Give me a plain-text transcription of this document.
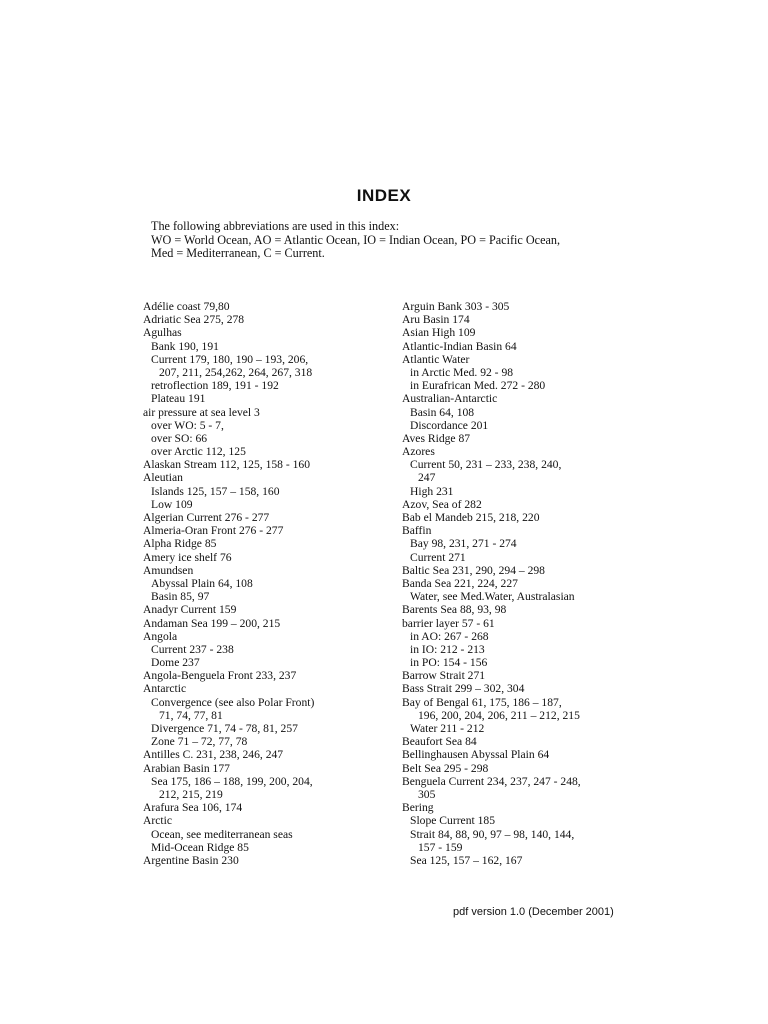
INDEX
The following abbreviations are used in this index:
WO = World Ocean, AO = Atlantic Ocean, IO = Indian Ocean, PO = Pacific Ocean,
Med = Mediterranean, C = Current.
Adélie coast 79,80
Adriatic Sea 275, 278
Agulhas
Bank 190, 191
Current 179, 180, 190 – 193, 206,
207, 211, 254,262, 264, 267, 318
retroflection 189, 191 - 192
Plateau 191
air pressure at sea level 3
over WO: 5 - 7,
over SO: 66
over Arctic 112, 125
Alaskan Stream 112, 125, 158 - 160
Aleutian
Islands 125, 157 – 158, 160
Low 109
Algerian Current 276 - 277
Almeria-Oran Front 276 - 277
Alpha Ridge 85
Amery ice shelf 76
Amundsen
Abyssal Plain 64, 108
Basin 85, 97
Anadyr Current 159
Andaman Sea 199 – 200, 215
Angola
Current 237 - 238
Dome 237
Angola-Benguela Front 233, 237
Antarctic
Convergence (see also Polar Front)
71, 74, 77, 81
Divergence 71, 74 - 78, 81, 257
Zone 71 – 72, 77, 78
Antilles C. 231, 238, 246, 247
Arabian Basin 177
Sea 175, 186 – 188, 199, 200, 204,
212, 215, 219
Arafura Sea 106, 174
Arctic
Ocean, see mediterranean seas
Mid-Ocean Ridge 85
Argentine Basin 230
Arguin Bank 303 - 305
Aru Basin 174
Asian High 109
Atlantic-Indian Basin 64
Atlantic Water
in Arctic Med. 92 - 98
in Eurafrican Med. 272 - 280
Australian-Antarctic
Basin 64, 108
Discordance 201
Aves Ridge 87
Azores
Current 50, 231 – 233, 238, 240,
247
High 231
Azov, Sea of 282
Bab el Mandeb 215, 218, 220
Baffin
Bay 98, 231, 271 - 274
Current 271
Baltic Sea 231, 290, 294 – 298
Banda Sea 221, 224, 227
Water, see Med.Water, Australasian
Barents Sea 88, 93, 98
barrier layer 57 - 61
in AO: 267 - 268
in IO: 212 - 213
in PO: 154 - 156
Barrow Strait 271
Bass Strait 299 – 302, 304
Bay of Bengal 61, 175, 186 – 187,
196, 200, 204, 206, 211 – 212, 215
Water 211 - 212
Beaufort Sea 84
Bellinghausen Abyssal Plain 64
Belt Sea 295 - 298
Benguela Current 234, 237, 247 - 248,
305
Bering
Slope Current 185
Strait 84, 88, 90, 97 – 98, 140, 144,
157 - 159
Sea 125, 157 – 162, 167
pdf version 1.0 (December 2001)
